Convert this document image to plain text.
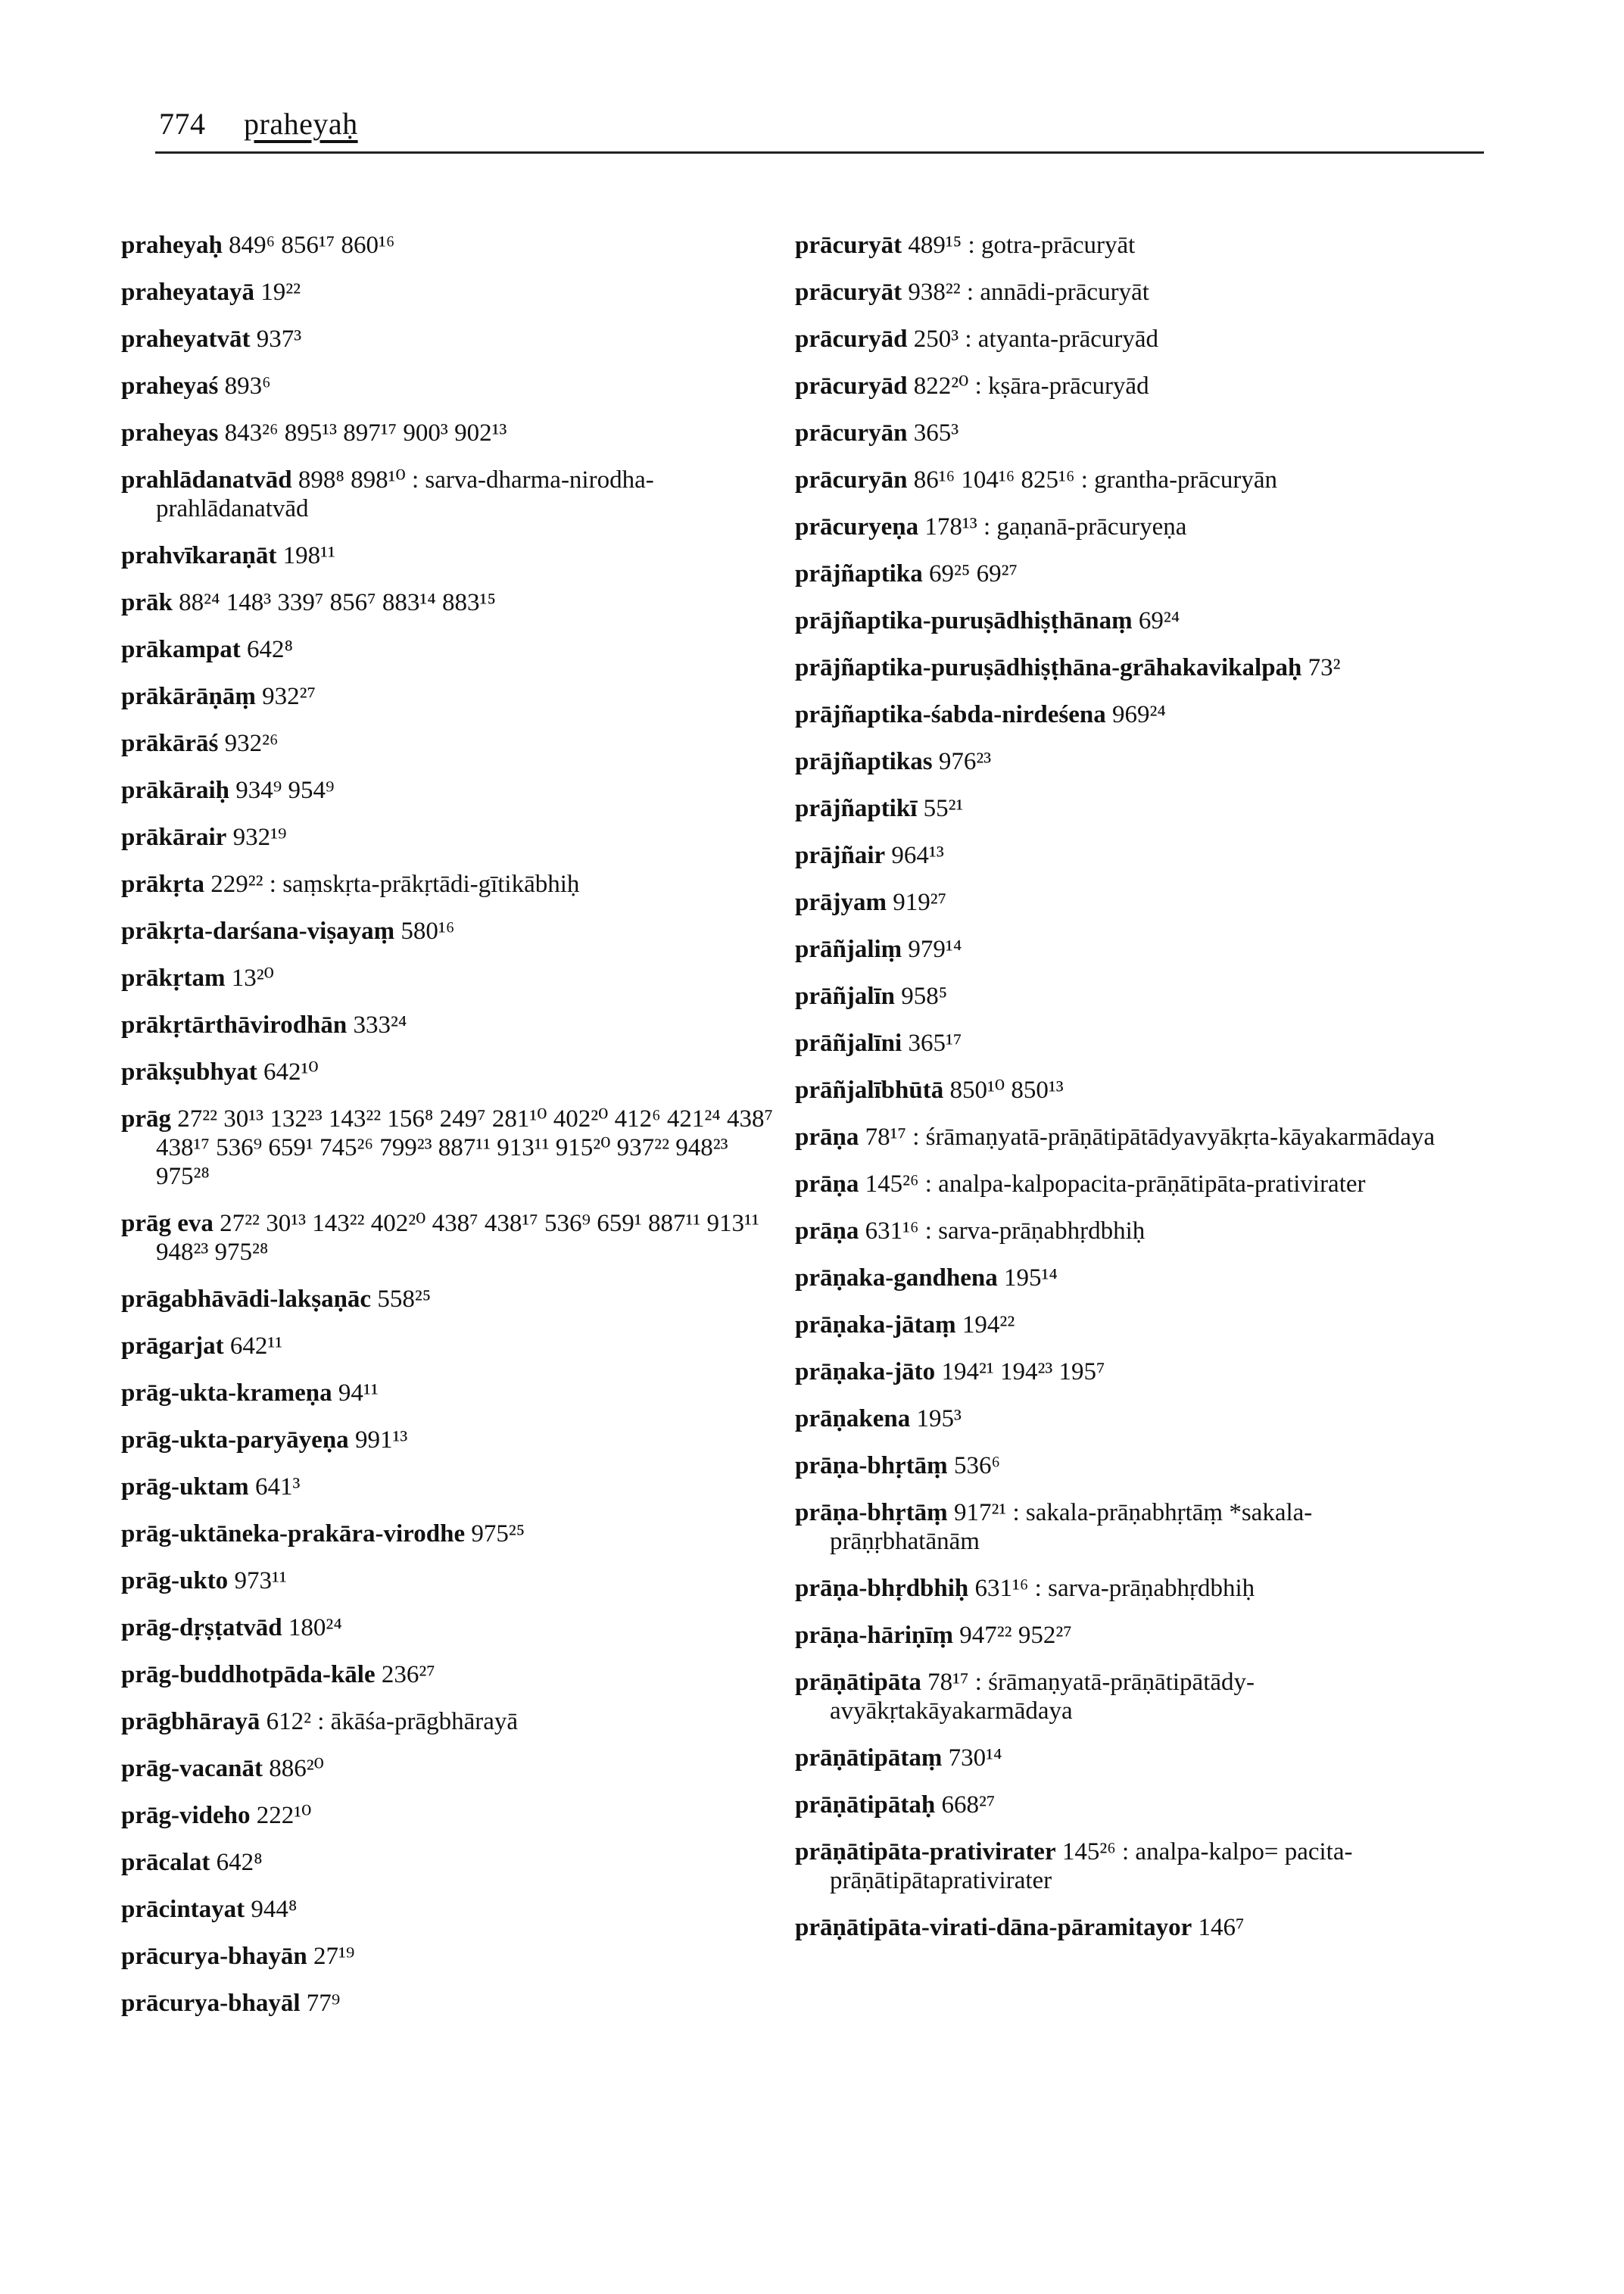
774 praheyaḥ
praheyaḥ 849⁶ 856¹⁷ 860¹⁶
praheyatayā 19²²
praheyatvāt 937³
praheyaś 893⁶
praheyas 843²⁶ 895¹³ 897¹⁷ 900³ 902¹³
prahlādanatvād 898⁸ 898¹⁰ : sarva-dharma-nirodha-prahlādanatvād
prahvīkaraṇāt 198¹¹
prāk 88²⁴ 148³ 339⁷ 856⁷ 883¹⁴ 883¹⁵
prākampat 642⁸
prākārāṇāṃ 932²⁷
prākārāś 932²⁶
prākāraiḥ 934⁹ 954⁹
prākārair 932¹⁹
prākṛta 229²² : saṃskṛta-prākṛtādi-gītikābhiḥ
prākṛta-darśana-viṣayaṃ 580¹⁶
prākṛtam 13²⁰
prākṛtārthāvirodhān 333²⁴
prākṣubhyat 642¹⁰
prāg 27²² 30¹³ 132²³ 143²² 156⁸ 249⁷ 281¹⁰ 402²⁰ 412⁶ 421²⁴ 438⁷ 438¹⁷ 536⁹ 659¹ 745²⁶ 799²³ 887¹¹ 913¹¹ 915²⁰ 937²² 948²³ 975²⁸
prāg eva 27²² 30¹³ 143²² 402²⁰ 438⁷ 438¹⁷ 536⁹ 659¹ 887¹¹ 913¹¹ 948²³ 975²⁸
prāgabhāvādi-lakṣaṇāc 558²⁵
prāgarjat 642¹¹
prāg-ukta-krameṇa 94¹¹
prāg-ukta-paryāyeṇa 991¹³
prāg-uktam 641³
prāg-uktāneka-prakāra-virodhe 975²⁵
prāg-ukto 973¹¹
prāg-dṛṣṭatvād 180²⁴
prāg-buddhotpāda-kāle 236²⁷
prāgbhārayā 612² : ākāśa-prāgbhārayā
prāg-vacanāt 886²⁰
prāg-videho 222¹⁰
prācalat 642⁸
prācintayat 944⁸
prācurya-bhayān 27¹⁹
prācurya-bhayāl 77⁹
prācuryāt 489¹⁵ : gotra-prācuryāt
prācuryāt 938²² : annādi-prācuryāt
prācuryād 250³ : atyanta-prācuryād
prācuryād 822²⁰ : kṣāra-prācuryād
prācuryān 365³
prācuryān 86¹⁶ 104¹⁶ 825¹⁶ : grantha-prācuryān
prācuryeṇa 178¹³ : gaṇanā-prācuryeṇa
prājñaptika 69²⁵ 69²⁷
prājñaptika-puruṣādhiṣṭhānaṃ 69²⁴
prājñaptika-puruṣādhiṣṭhāna-grāhakavikalpaḥ 73²
prājñaptika-śabda-nirdeśena 969²⁴
prājñaptikas 976²³
prājñaptikī 55²¹
prājñair 964¹³
prājyam 919²⁷
prāñjaliṃ 979¹⁴
prāñjalīn 958⁵
prāñjalīni 365¹⁷
prāñjalībhūtā 850¹⁰ 850¹³
prāṇa 78¹⁷ : śrāmaṇyatā-prāṇātipātādyavyākṛta-kāyakarmādaya
prāṇa 145²⁶ : analpa-kalpopacita-prāṇātipāta-prativirater
prāṇa 631¹⁶ : sarva-prāṇabhṛdbhiḥ
prāṇaka-gandhena 195¹⁴
prāṇaka-jātaṃ 194²²
prāṇaka-jāto 194²¹ 194²³ 195⁷
prāṇakena 195³
prāṇa-bhṛtāṃ 536⁶
prāṇa-bhṛtāṃ 917²¹ : sakala-prāṇabhṛtāṃ *sakala-prāṇṛbhatānām
prāṇa-bhṛdbhiḥ 631¹⁶ : sarva-prāṇabhṛdbhiḥ
prāṇa-hāriṇīṃ 947²² 952²⁷
prāṇātipāta 78¹⁷ : śrāmaṇyatā-prāṇātipātādy-avyākṛtakāyakarmādaya
prāṇātipātaṃ 730¹⁴
prāṇātipātaḥ 668²⁷
prāṇātipāta-prativirater 145²⁶ : analpa-kalpo= pacita-prāṇātipātaprativirater
prāṇātipāta-virati-dāna-pāramitayor 146⁷
